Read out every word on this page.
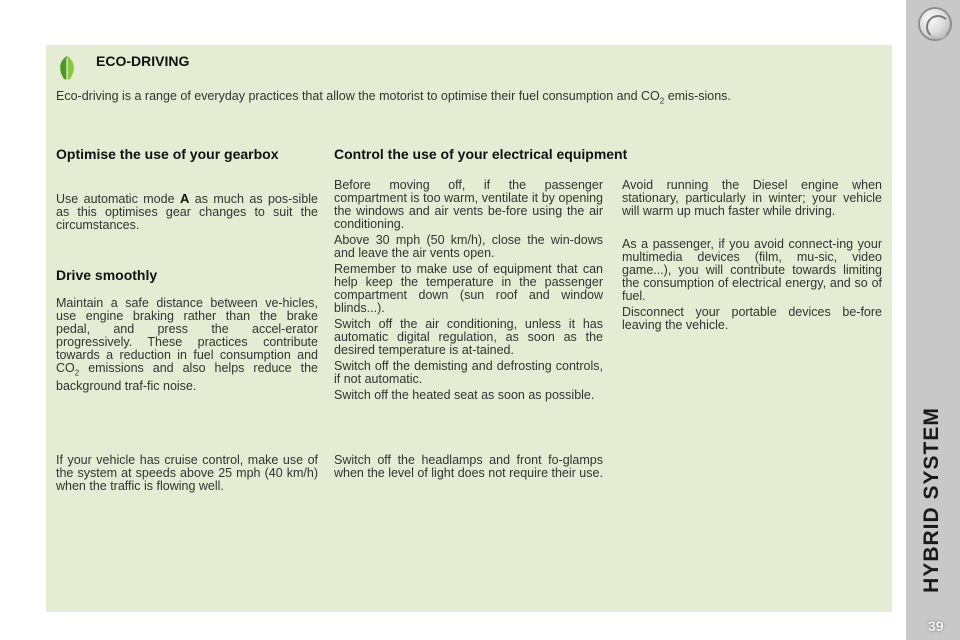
HYBRID SYSTEM
39
ECO-DRIVING
Eco-driving is a range of everyday practices that allow the motorist to optimise their fuel consumption and $CO_2$ emis-sions.
Optimise the use of your gearbox

Use automatic mode A as much as pos-sible as this optimises gear changes to suit the circumstances.

Drive smoothly

Maintain a safe distance between ve-hicles, use engine braking rather than the brake pedal, and press the accel-erator progressively. These practices contribute towards a reduction in fuel consumption and $CO_2$ emissions and also helps reduce the background traf-fic noise.

If your vehicle has cruise control, make use of the system at speeds above 25 mph (40 km/h) when the traffic is flowing well.

Control the use of your electrical equipment

Before moving off, if the passenger compartment is too warm, ventilate it by opening the windows and air vents be-fore using the air conditioning.

Above 30 mph (50 km/h), close the win-dows and leave the air vents open.

Remember to make use of equipment that can help keep the temperature in the passenger compartment down (sun roof and window blinds...).

Switch off the air conditioning, unless it has automatic digital regulation, as soon as the desired temperature is at-tained.

Switch off the demisting and defrosting controls, if not automatic.

Switch off the heated seat as soon as possible.

Switch off the headlamps and front fo-glamps when the level of light does not require their use.

Avoid running the Diesel engine when stationary, particularly in winter; your vehicle will warm up much faster while driving.

As a passenger, if you avoid connect-ing your multimedia devices (film, mu-sic, video game...), you will contribute towards limiting the consumption of electrical energy, and so of fuel.

Disconnect your portable devices be-fore leaving the vehicle.
